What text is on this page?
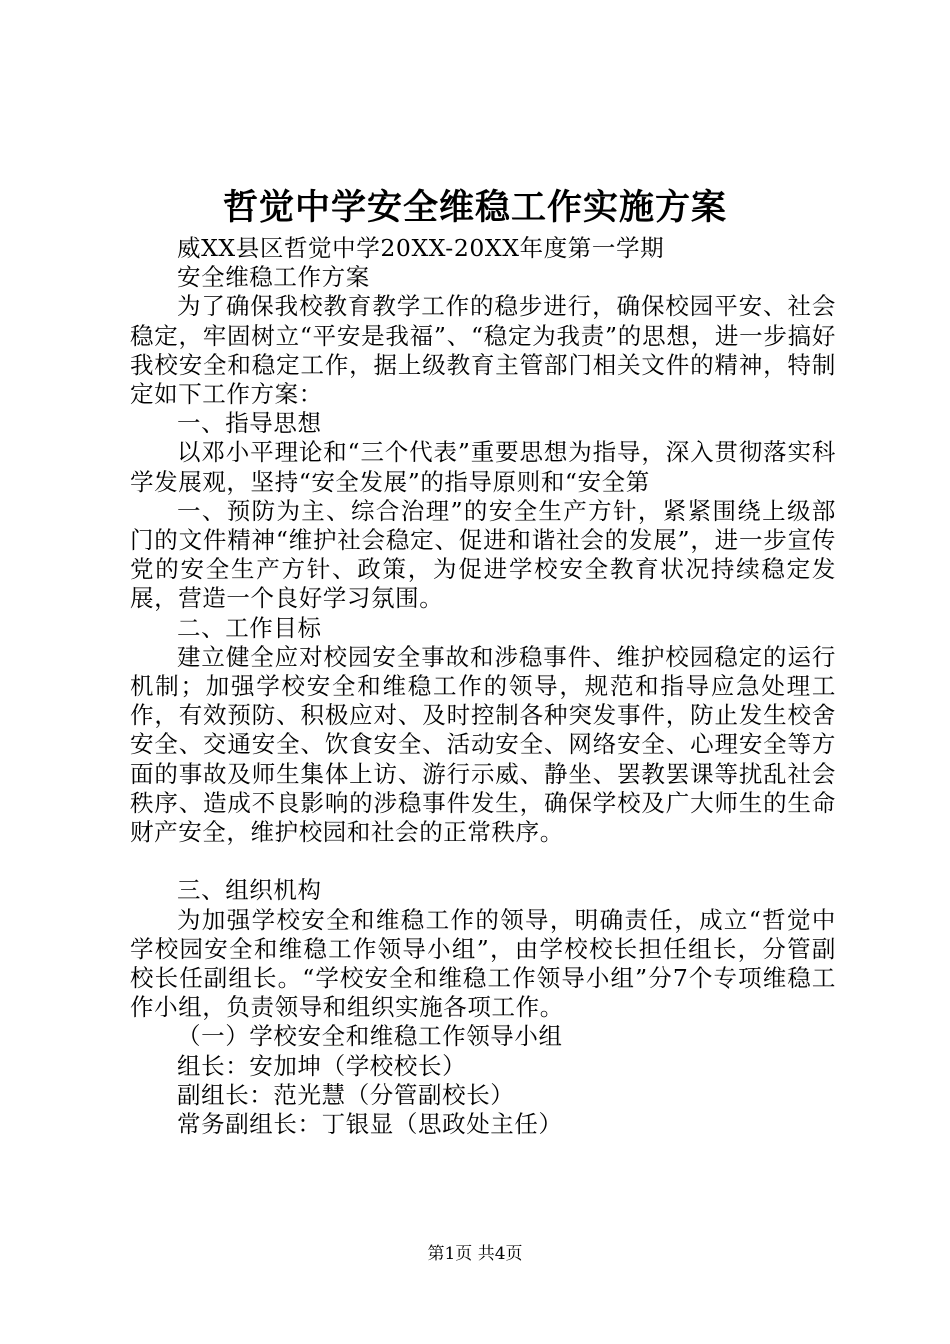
哲觉中学安全维稳工作实施方案

威XX县区哲觉中学20XX-20XX年度第一学期

安全维稳工作方案

为了确保我校教育教学工作的稳步进行，确保校园平安、社会稳定，牢固树立“平安是我福”、“稳定为我责”的思想，进一步搞好我校安全和稳定工作，据上级教育主管部门相关文件的精神，特制定如下工作方案：

一、指导思想

以邓小平理论和“三个代表”重要思想为指导，深入贯彻落实科学发展观，坚持“安全发展”的指导原则和“安全第

一、预防为主、综合治理”的安全生产方针，紧紧围绕上级部门的文件精神“维护社会稳定、促进和谐社会的发展”，进一步宣传党的安全生产方针、政策，为促进学校安全教育状况持续稳定发展，营造一个良好学习氛围。

二、工作目标

建立健全应对校园安全事故和涉稳事件、维护校园稳定的运行机制；加强学校安全和维稳工作的领导，规范和指导应急处理工作，有效预防、积极应对、及时控制各种突发事件，防止发生校舍安全、交通安全、饮食安全、活动安全、网络安全、心理安全等方面的事故及师生集体上访、游行示威、静坐、罢教罢课等扰乱社会秩序、造成不良影响的涉稳事件发生，确保学校及广大师生的生命财产安全，维护校园和社会的正常秩序。

三、组织机构

为加强学校安全和维稳工作的领导，明确责任，成立“哲觉中学校园安全和维稳工作领导小组”，由学校校长担任组长，分管副校长任副组长。“学校安全和维稳工作领导小组”分7个专项维稳工作小组，负责领导和组织实施各项工作。

（一）学校安全和维稳工作领导小组

组长：安加坤（学校校长）

副组长：范光慧（分管副校长）

常务副组长：丁银显（思政处主任）

第1页 共4页
